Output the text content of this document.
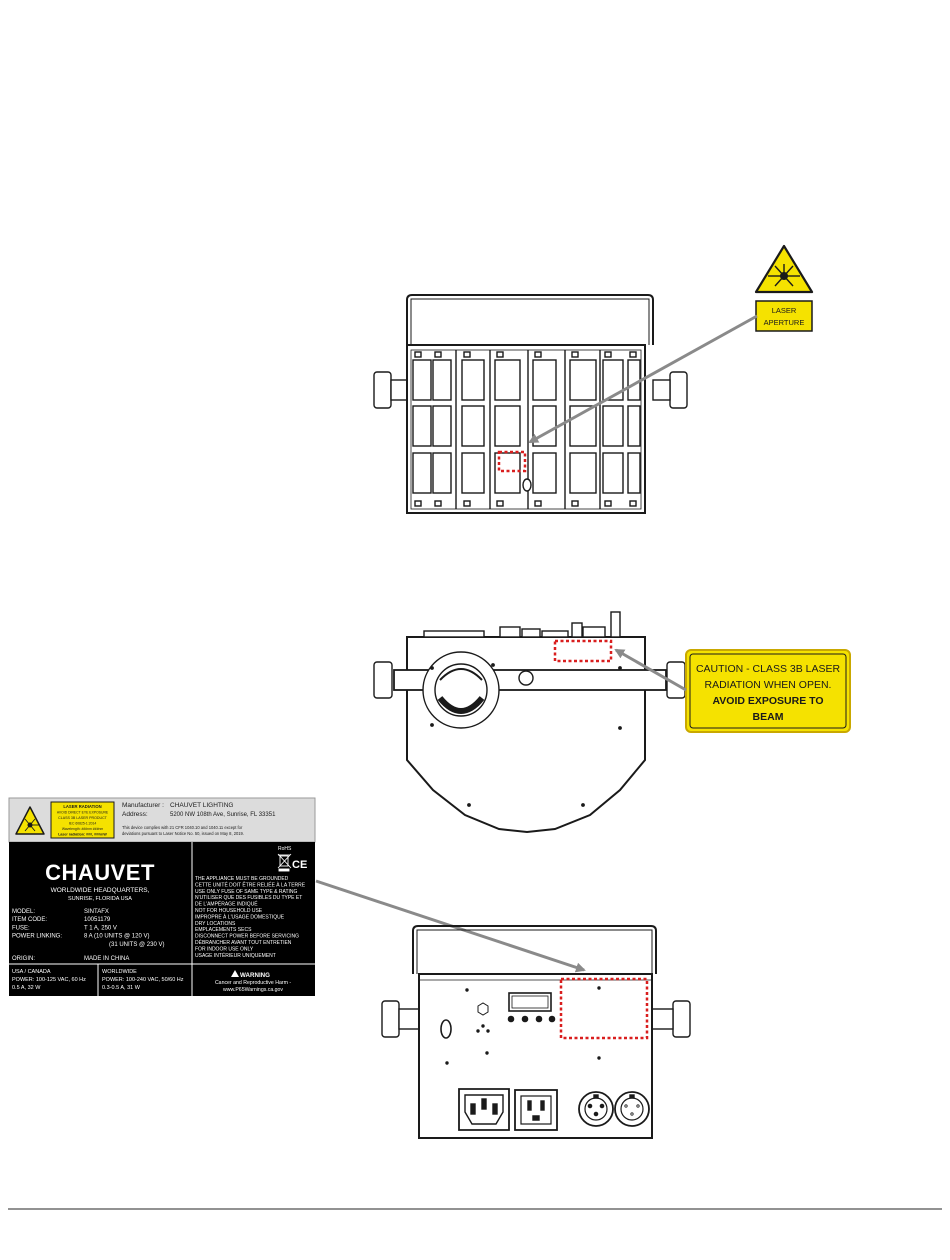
LASER
APERTURE
CAUTION - CLASS 3B LASER
RADIATION WHEN OPEN.
AVOID EXPOSURE TO
BEAM
LASER RADIATION
AVOID DIRECT EYE EXPOSURE
CLASS 3B LASER PRODUCT
IEC 60825-1:2014
Wavelength: ###nm ###nm
Laser radiation: ###, ###mW
Manufacturer : CHAUVET LIGHTING
Address:	5200 NW 108th Ave, Sunrise, FL 33351
This device complies with 21 CFR 1040.10 and 1040.11 except for
deviations pursuant to Laser Notice No. 50, issued on May 8, 2019.
CHAUVET
WORLDWIDE HEADQUARTERS,
SUNRISE, FLORIDA USA
MODEL:	SINTAFX
ITEM CODE:	10051179
FUSE:	T 1 A, 250 V
POWER LINKING:	8 A (10 UNITS @ 120 V)
(31 UNITS @ 230 V)
ORIGIN:	MADE IN CHINA
USA / CANADA
POWER: 100-125 VAC, 60 Hz
0.5 A, 32 W
WORLDWIDE
POWER: 100-240 VAC, 50/60 Hz
0.3-0.5 A, 31 W
RoHS
CE
THE APPLIANCE MUST BE GROUNDED
CETTE UNITÉ DOIT ÊTRE RELIÉE À LA TERRE
USE ONLY FUSE OF SAME TYPE & RATING
N'UTILISER QUE DES FUSIBLES DU TYPE ET
DE L'AMPÉRAGE INDIQUÉ
NOT FOR HOUSEHOLD USE
IMPROPRE À L'USAGE DOMESTIQUE
DRY LOCATIONS
EMPLACEMENTS SECS
DISCONNECT POWER BEFORE SERVICING
DÉBRANCHER AVANT TOUT ENTRETIEN
FOR INDOOR USE ONLY
USAGE INTÉRIEUR UNIQUEMENT
WARNING
Cancer and Reproductive Harm -
www.P65Warnings.ca.gov
